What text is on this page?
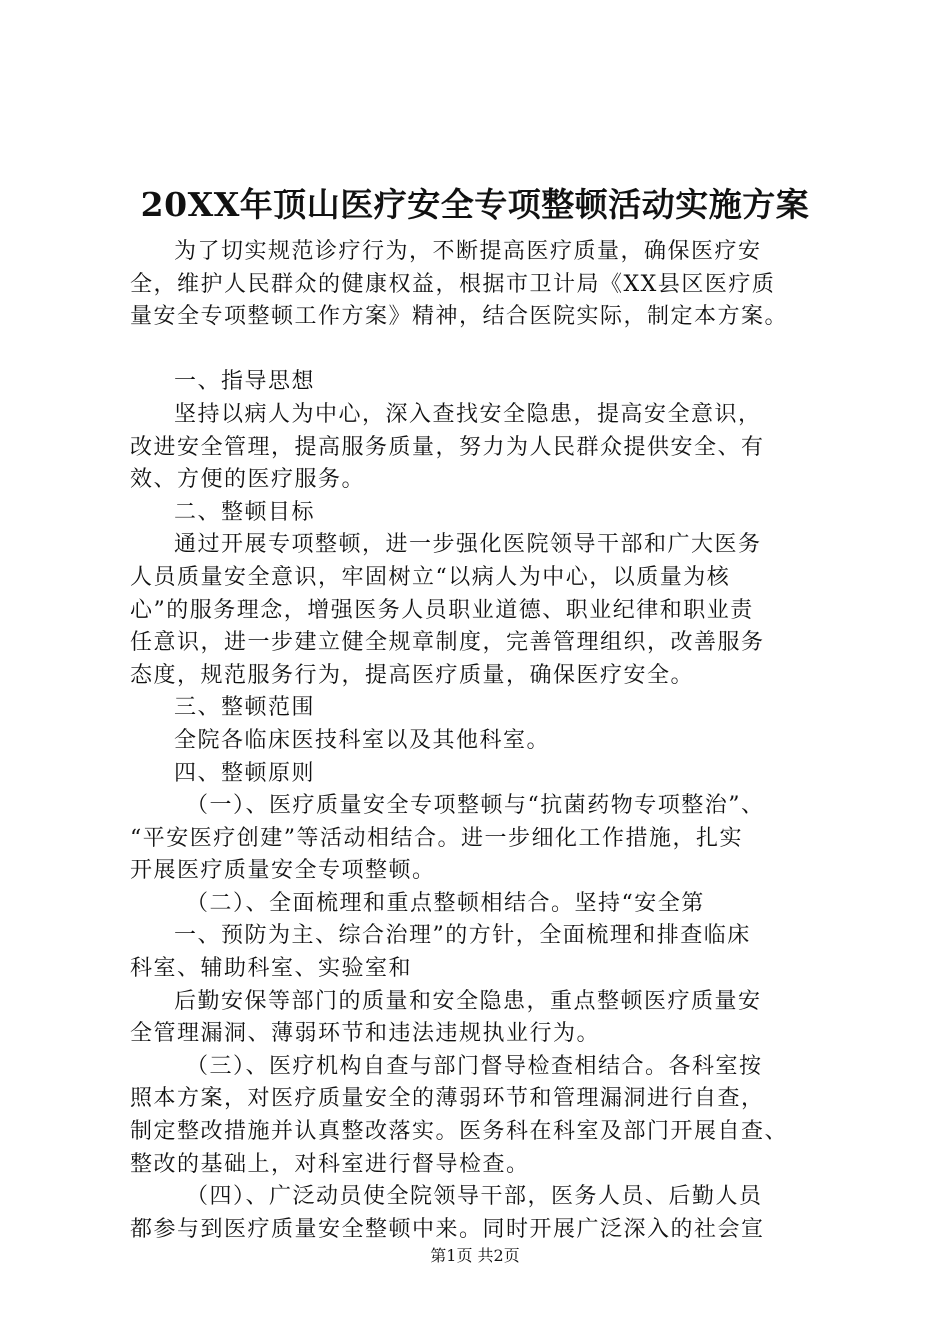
20XX年顶山医疗安全专项整顿活动实施方案
为了切实规范诊疗行为，不断提高医疗质量，确保医疗安
全，维护人民群众的健康权益，根据市卫计局《XX县区医疗质
量安全专项整顿工作方案》精神，结合医院实际，制定本方案。
一、指导思想
坚持以病人为中心，深入查找安全隐患，提高安全意识，
改进安全管理，提高服务质量，努力为人民群众提供安全、有
效、方便的医疗服务。
二、整顿目标
通过开展专项整顿，进一步强化医院领导干部和广大医务
人员质量安全意识，牢固树立“以病人为中心，以质量为核
心”的服务理念，增强医务人员职业道德、职业纪律和职业责
任意识，进一步建立健全规章制度，完善管理组织，改善服务
态度，规范服务行为，提高医疗质量，确保医疗安全。
三、整顿范围
全院各临床医技科室以及其他科室。
四、整顿原则
（一）、医疗质量安全专项整顿与“抗菌药物专项整治”、
“平安医疗创建”等活动相结合。进一步细化工作措施，扎实
开展医疗质量安全专项整顿。
（二）、全面梳理和重点整顿相结合。坚持“安全第
一、预防为主、综合治理”的方针，全面梳理和排查临床
科室、辅助科室、实验室和
后勤安保等部门的质量和安全隐患，重点整顿医疗质量安
全管理漏洞、薄弱环节和违法违规执业行为。
（三）、医疗机构自查与部门督导检查相结合。各科室按
照本方案，对医疗质量安全的薄弱环节和管理漏洞进行自查，
制定整改措施并认真整改落实。医务科在科室及部门开展自查、
整改的基础上，对科室进行督导检查。
（四）、广泛动员使全院领导干部，医务人员、后勤人员
都参与到医疗质量安全整顿中来。同时开展广泛深入的社会宣
第1页 共2页
